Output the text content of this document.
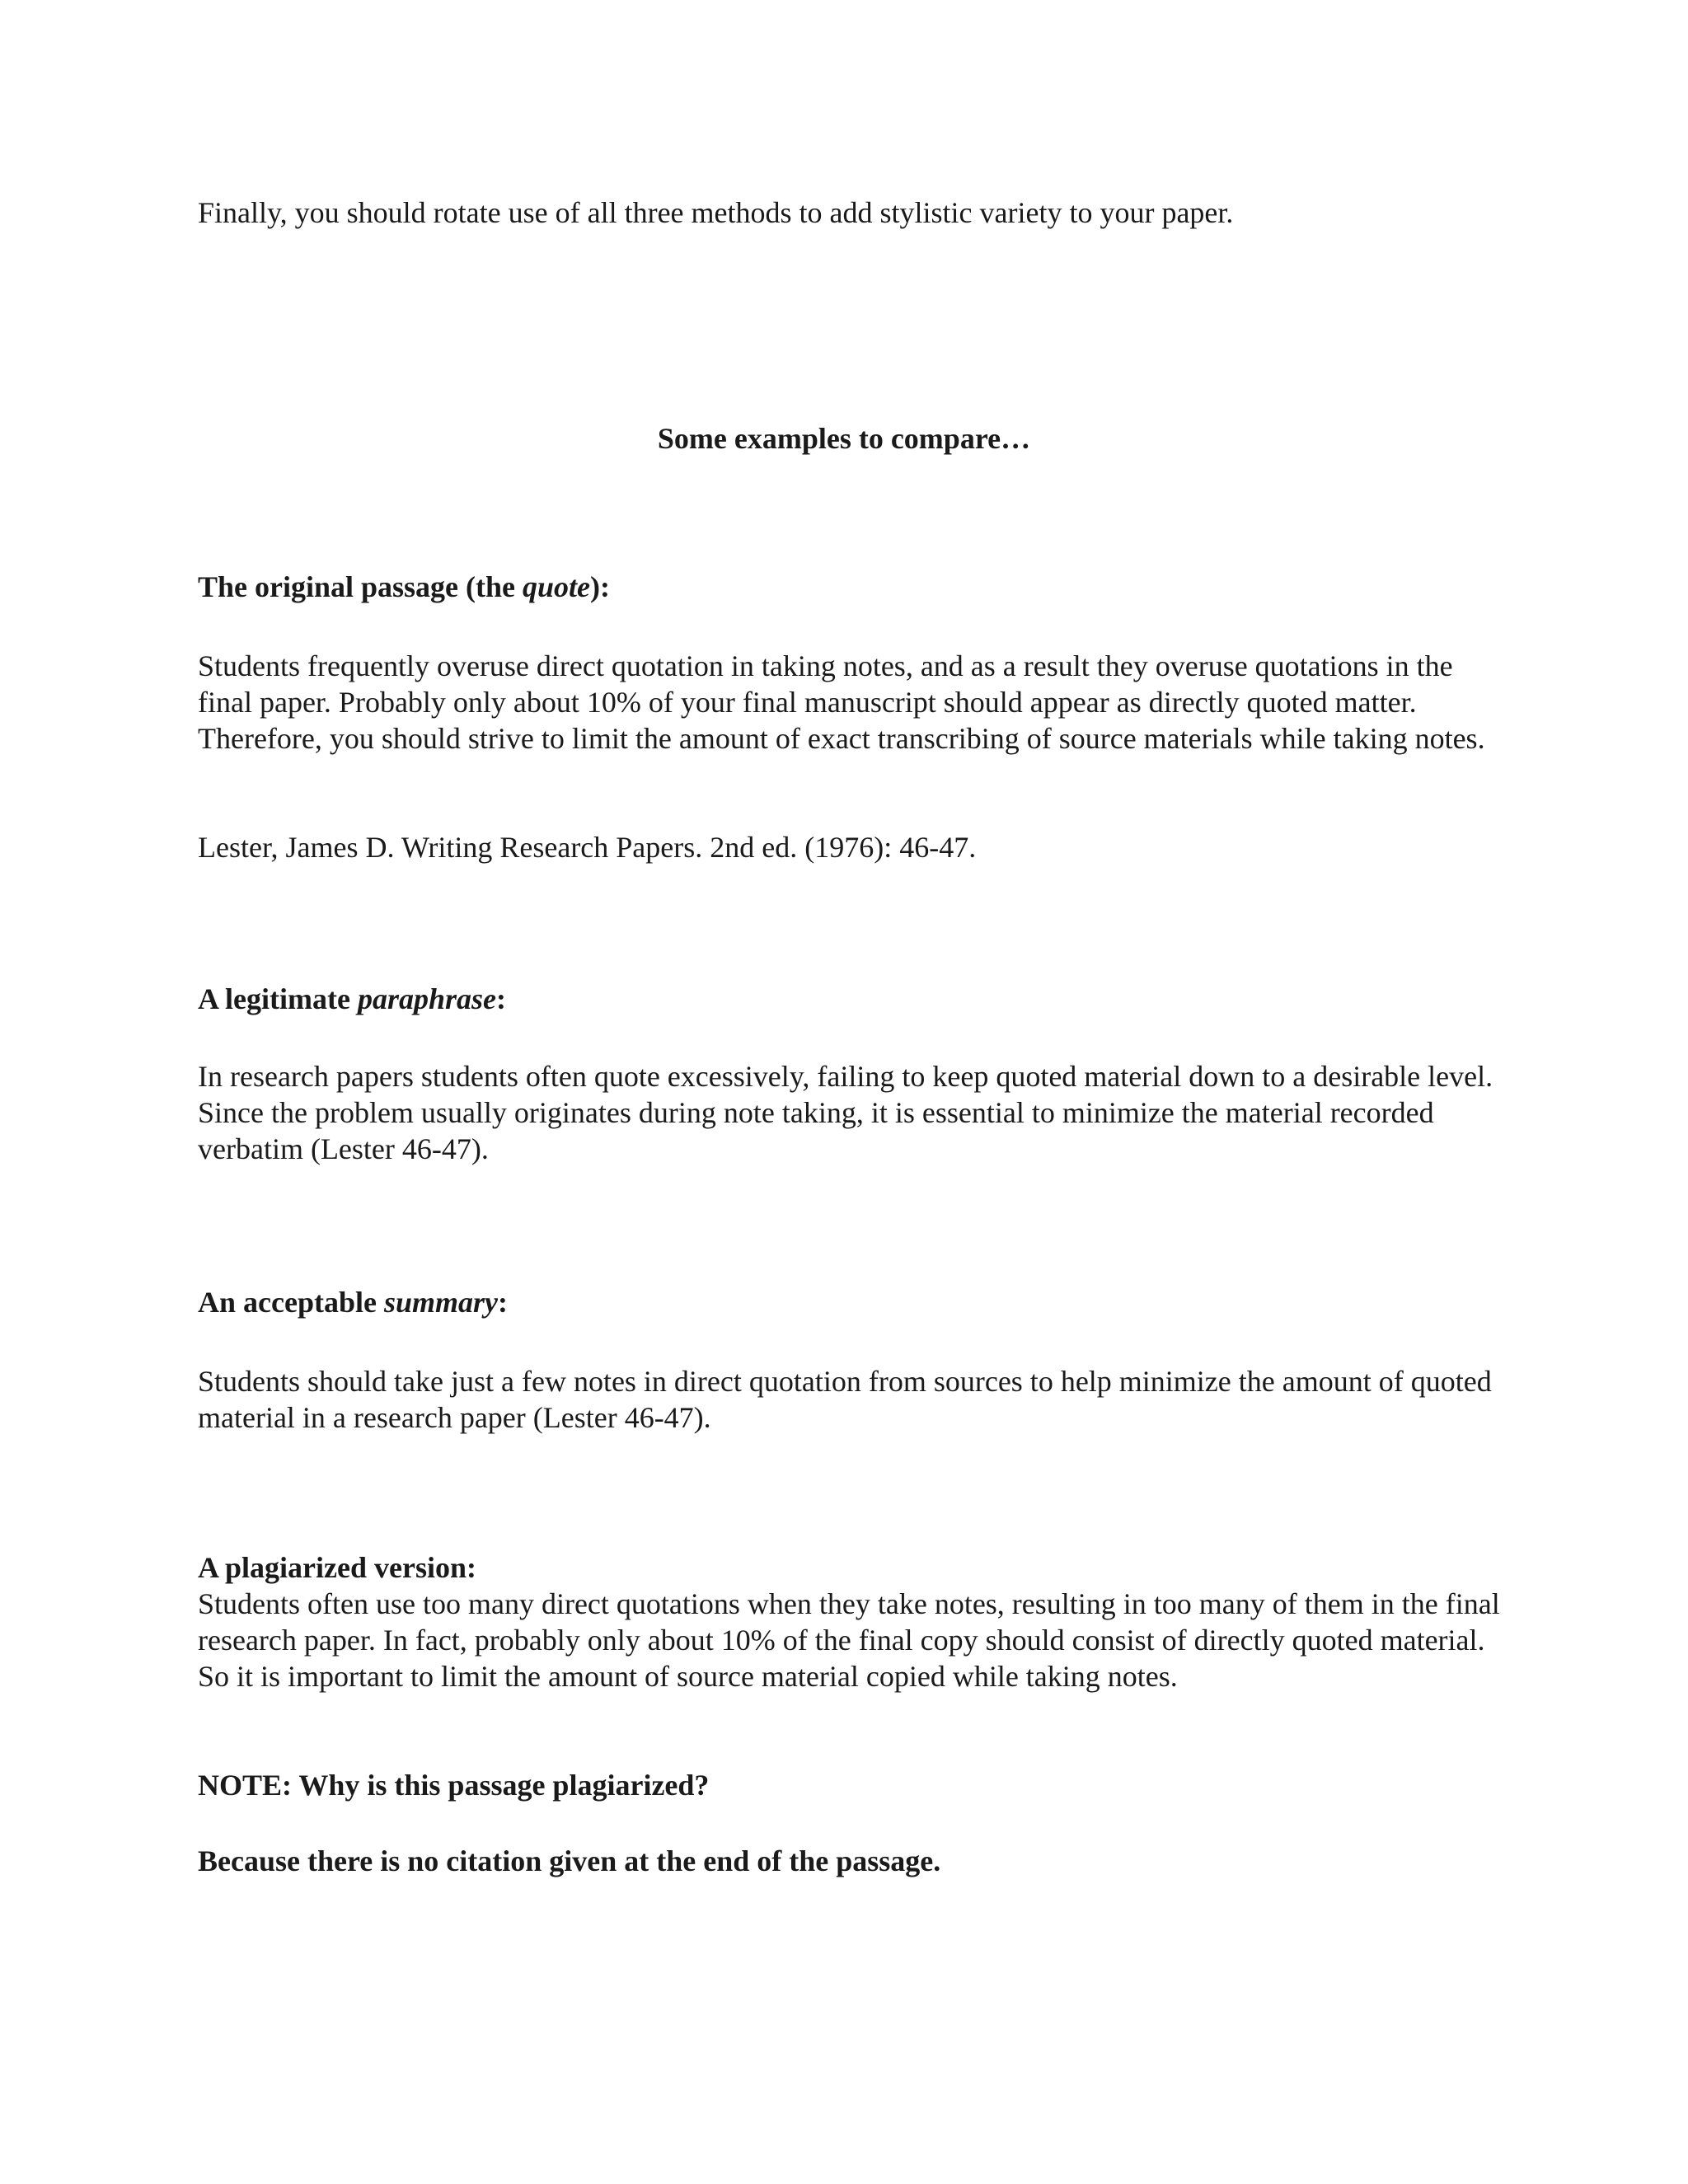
Finally, you should rotate use of all three methods to add stylistic variety to your paper.

Some examples to compare…

The original passage (the quote):

Students frequently overuse direct quotation in taking notes, and as a result they overuse quotations in the final paper. Probably only about 10% of your final manuscript should appear as directly quoted matter. Therefore, you should strive to limit the amount of exact transcribing of source materials while taking notes.

Lester, James D. Writing Research Papers. 2nd ed. (1976): 46-47.

A legitimate paraphrase:

In research papers students often quote excessively, failing to keep quoted material down to a desirable level. Since the problem usually originates during note taking, it is essential to minimize the material recorded verbatim (Lester 46-47).

An acceptable summary:

Students should take just a few notes in direct quotation from sources to help minimize the amount of quoted material in a research paper (Lester 46-47).

A plagiarized version:

Students often use too many direct quotations when they take notes, resulting in too many of them in the final research paper. In fact, probably only about 10% of the final copy should consist of directly quoted material. So it is important to limit the amount of source material copied while taking notes.

NOTE: Why is this passage plagiarized?

Because there is no citation given at the end of the passage.
